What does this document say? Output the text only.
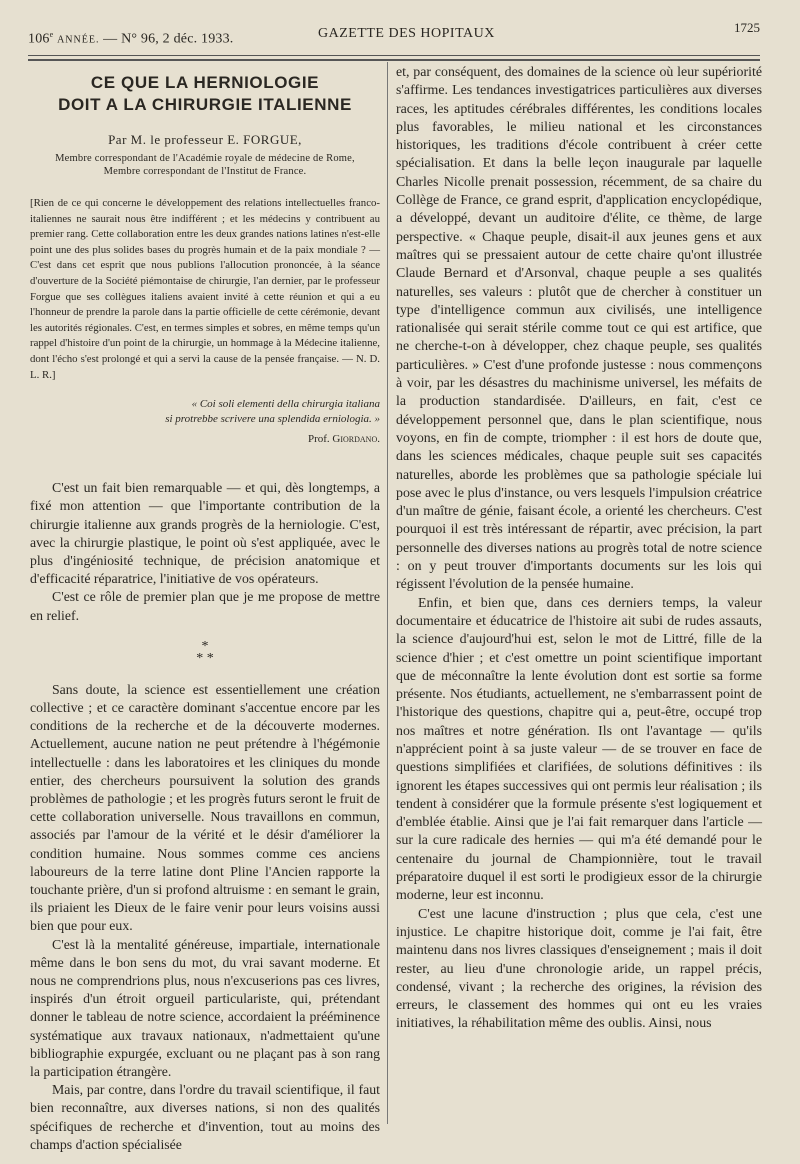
106e ANNÉE. — N° 96, 2 déc. 1933.	GAZETTE DES HOPITAUX	1725
CE QUE LA HERNIOLOGIE
DOIT A LA CHIRURGIE ITALIENNE
Par M. le professeur E. FORGUE,
Membre correspondant de l'Académie royale de médecine de Rome,
Membre correspondant de l'Institut de France.

[Rien de ce qui concerne le développement des relations intellectuelles franco-italiennes ne saurait nous être indifférent ; et les médecins y contribuent au premier rang. Cette collaboration entre les deux grandes nations latines n'est-elle point une des plus solides bases du progrès humain et de la paix mondiale ? — C'est dans cet esprit que nous publions l'allocution prononcée, à la séance d'ouverture de la Société piémontaise de chirurgie, l'an dernier, par le professeur Forgue que ses collègues italiens avaient invité à cette réunion et qui a eu l'honneur de prendre la parole dans la partie officielle de cette cérémonie, devant les autorités régionales. C'est, en termes simples et sobres, en même temps qu'un rappel d'histoire d'un point de la chirurgie, un hommage à la Médecine italienne, dont l'écho s'est prolongé et qui a servi la cause de la pensée française. — N. D. L. R.]

« Coi soli elementi della chirurgia italiana
si protrebbe scrivere una splendida erniologia. »
Prof. Giordano.

C'est un fait bien remarquable — et qui, dès longtemps, a fixé mon attention — que l'importante contribution de la chirurgie italienne aux grands progrès de la herniologie. C'est, avec la chirurgie plastique, le point où s'est appliquée, avec le plus d'ingéniosité technique, de précision anatomique et d'efficacité réparatrice, l'initiative de vos opérateurs.

C'est ce rôle de premier plan que je me propose de mettre en relief.

*
* *

Sans doute, la science est essentiellement une création collective ; et ce caractère dominant s'accentue encore par les conditions de la recherche et de la découverte modernes. Actuellement, aucune nation ne peut prétendre à l'hégémonie intellectuelle : dans les laboratoires et les cliniques du monde entier, des chercheurs poursuivent la solution des grands problèmes de pathologie ; et les progrès futurs seront le fruit de cette collaboration universelle. Nous travaillons en commun, associés par l'amour de la vérité et le désir d'améliorer la condition humaine. Nous sommes comme ces anciens laboureurs de la terre latine dont Pline l'Ancien rapporte la touchante prière, d'un si profond altruisme : en semant le grain, ils priaient les Dieux de le faire venir pour leurs voisins aussi bien que pour eux.

C'est là la mentalité généreuse, impartiale, internationale même dans le bon sens du mot, du vrai savant moderne. Et nous ne comprendrions plus, nous n'excuserions pas ces livres, inspirés d'un étroit orgueil particulariste, qui, prétendant donner le tableau de notre science, accordaient la prééminence systématique aux travaux nationaux, n'admettaient qu'une bibliographie expurgée, excluant ou ne plaçant pas à son rang la participation étrangère.

Mais, par contre, dans l'ordre du travail scientifique, il faut bien reconnaître, aux diverses nations, si non des qualités spécifiques de recherche et d'invention, tout au moins des champs d'action spécialisée

et, par conséquent, des domaines de la science où leur supériorité s'affirme. Les tendances investigatrices particulières aux diverses races, les aptitudes cérébrales différentes, les conditions locales plus favorables, le milieu national et les circonstances historiques, les traditions d'école contribuent à créer cette spécialisation. Et dans la belle leçon inaugurale par laquelle Charles Nicolle prenait possession, récemment, de sa chaire du Collège de France, ce grand esprit, d'application encyclopédique, a développé, devant un auditoire d'élite, ce thème, de large perspective. « Chaque peuple, disait-il aux jeunes gens et aux maîtres qui se pressaient autour de cette chaire qu'ont illustrée Claude Bernard et d'Arsonval, chaque peuple a ses qualités naturelles, ses valeurs : plutôt que de chercher à constituer un type d'intelligence commun aux civilisés, une intelligence rationalisée qui serait stérile comme tout ce qui est artifice, que ne cherche-t-on à développer, chez chaque peuple, ses qualités particulières. » C'est d'une profonde justesse : nous commençons à voir, par les désastres du machinisme universel, les méfaits de la production standardisée. D'ailleurs, en fait, c'est ce développement personnel que, dans le plan scientifique, nous voyons, en fin de compte, triompher : il est hors de doute que, dans les sciences médicales, chaque peuple suit ses capacités naturelles, aborde les problèmes que sa pathologie spéciale lui pose avec le plus d'instance, ou vers lesquels l'impulsion créatrice d'un maître de génie, faisant école, a orienté les chercheurs. C'est pourquoi il est très intéressant de répartir, avec précision, la part personnelle des diverses nations au progrès total de notre science : on y peut trouver d'importants documents sur les lois qui régissent l'évolution de la pensée humaine.

Enfin, et bien que, dans ces derniers temps, la valeur documentaire et éducatrice de l'histoire ait subi de rudes assauts, la science d'aujourd'hui est, selon le mot de Littré, fille de la science d'hier ; et c'est omettre un point scientifique important que de méconnaître la lente évolution dont est sortie sa forme présente. Nos étudiants, actuellement, ne s'embarrassent point de l'historique des questions, chapitre qui a, peut-être, occupé trop nos maîtres et notre génération. Ils ont l'avantage — qu'ils n'apprécient point à sa juste valeur — de se trouver en face de questions simplifiées et clarifiées, de solutions définitives : ils ignorent les étapes successives qui ont permis leur réalisation ; ils tendent à considérer que la formule présente s'est logiquement et d'emblée établie. Ainsi que je l'ai fait remarquer dans l'article — sur la cure radicale des hernies — qui m'a été demandé pour le centenaire du journal de Championnière, tout le travail préparatoire duquel il est sorti le prodigieux essor de la chirurgie moderne, leur est inconnu.

C'est une lacune d'instruction ; plus que cela, c'est une injustice. Le chapitre historique doit, comme je l'ai fait, être maintenu dans nos livres classiques d'enseignement ; mais il doit rester, au lieu d'une chronologie aride, un rappel précis, condensé, vivant ; la recherche des origines, la révision des erreurs, le classement des hommes qui ont eu les vraies initiatives, la réhabilitation même des oublis. Ainsi, nous
